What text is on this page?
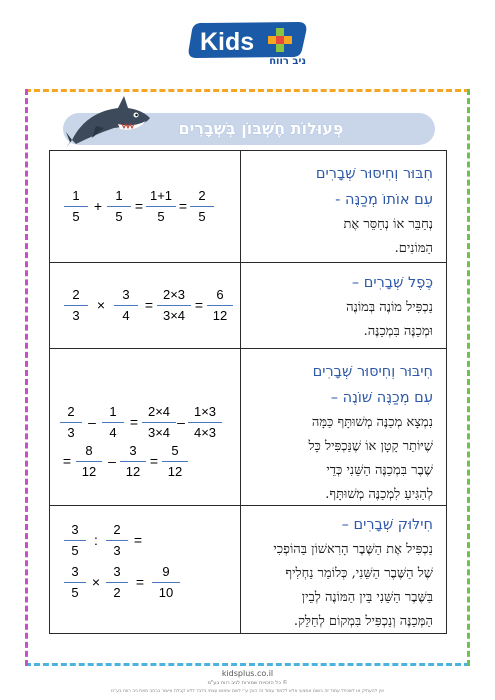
Kids
ניב רווח
פְּעוּלוֹת חֶשְׁבּוֹן בְּשְׁבָרִים
חִבּוּר וְחִיסּוּר שְׁבָרִים
עִם אוֹתוֹ מְכַנֶּה -
נְחַבֵּר אוֹ נְחַסֵּר אֶת
הַמּוֹנִים.
1
5
+
1
5
=
1+1
5
=
2
5
כֶּפֶל שְׁבָרִים –
נַכְפִּיל מוֹנֶה בְּמוֹנֶה
וּמְכַנֶּה בִּמְכַנֶּה.
2
3
×
3
4
=
2×3
3×4
=
6
12
חִיבּוּר וְחִיסּוּר שְׁבָרִים
עִם מְכַנֶּה שׁוֹנֶה –
נִמְצָא מְכַנֶּה מְשׁוּתָּף כַּמָּה
שֶׁיּוֹתֵר קָטָן אוֹ שֶׁנַּכְפִּיל כָּל
שֶׁבֶר בִּמְכַנֶּה הַשֵּׁנִי כְּדֵי
לְהַגִּיעַ לִמְכַנֶּה מְשׁוּתָּף.
2
3
–
1
4
=
2×4
3×4
–
1×3
4×3
=
8
12
–
3
12
=
5
12
חִילּוּק שְׁבָרִים –
נַכְפִּיל אֶת הַשֶּׁבֶר הָרִאשׁוֹן בַּהוֹפְכִי
שֶׁל הַשֶּׁבֶר הַשֵּׁנִי, כְּלוֹמַר נַחְלִיף
בַּשֶּׁבֶר הַשֵּׁנִי בֵּין הַמּוֹנֶה לְבֵין
הַמְּכַנֶּה וְנַכְפִּיל בִּמְקוֹם לְחַלֵּק.
3
5
:
2
3
=
3
5
×
3
2
=
9
10
kidsplus.co.il
© כל הזכויות שמורות לניב רווח בע"מ
אין להעתיק או לשכפל עמוד זה בשום אמצעי אלא ללמוד עמוד זה הוכן ע"י לשם שימוש עצמי בלבד ללא קבלת אישור בכתב מאת ניב רווח בע"מ
